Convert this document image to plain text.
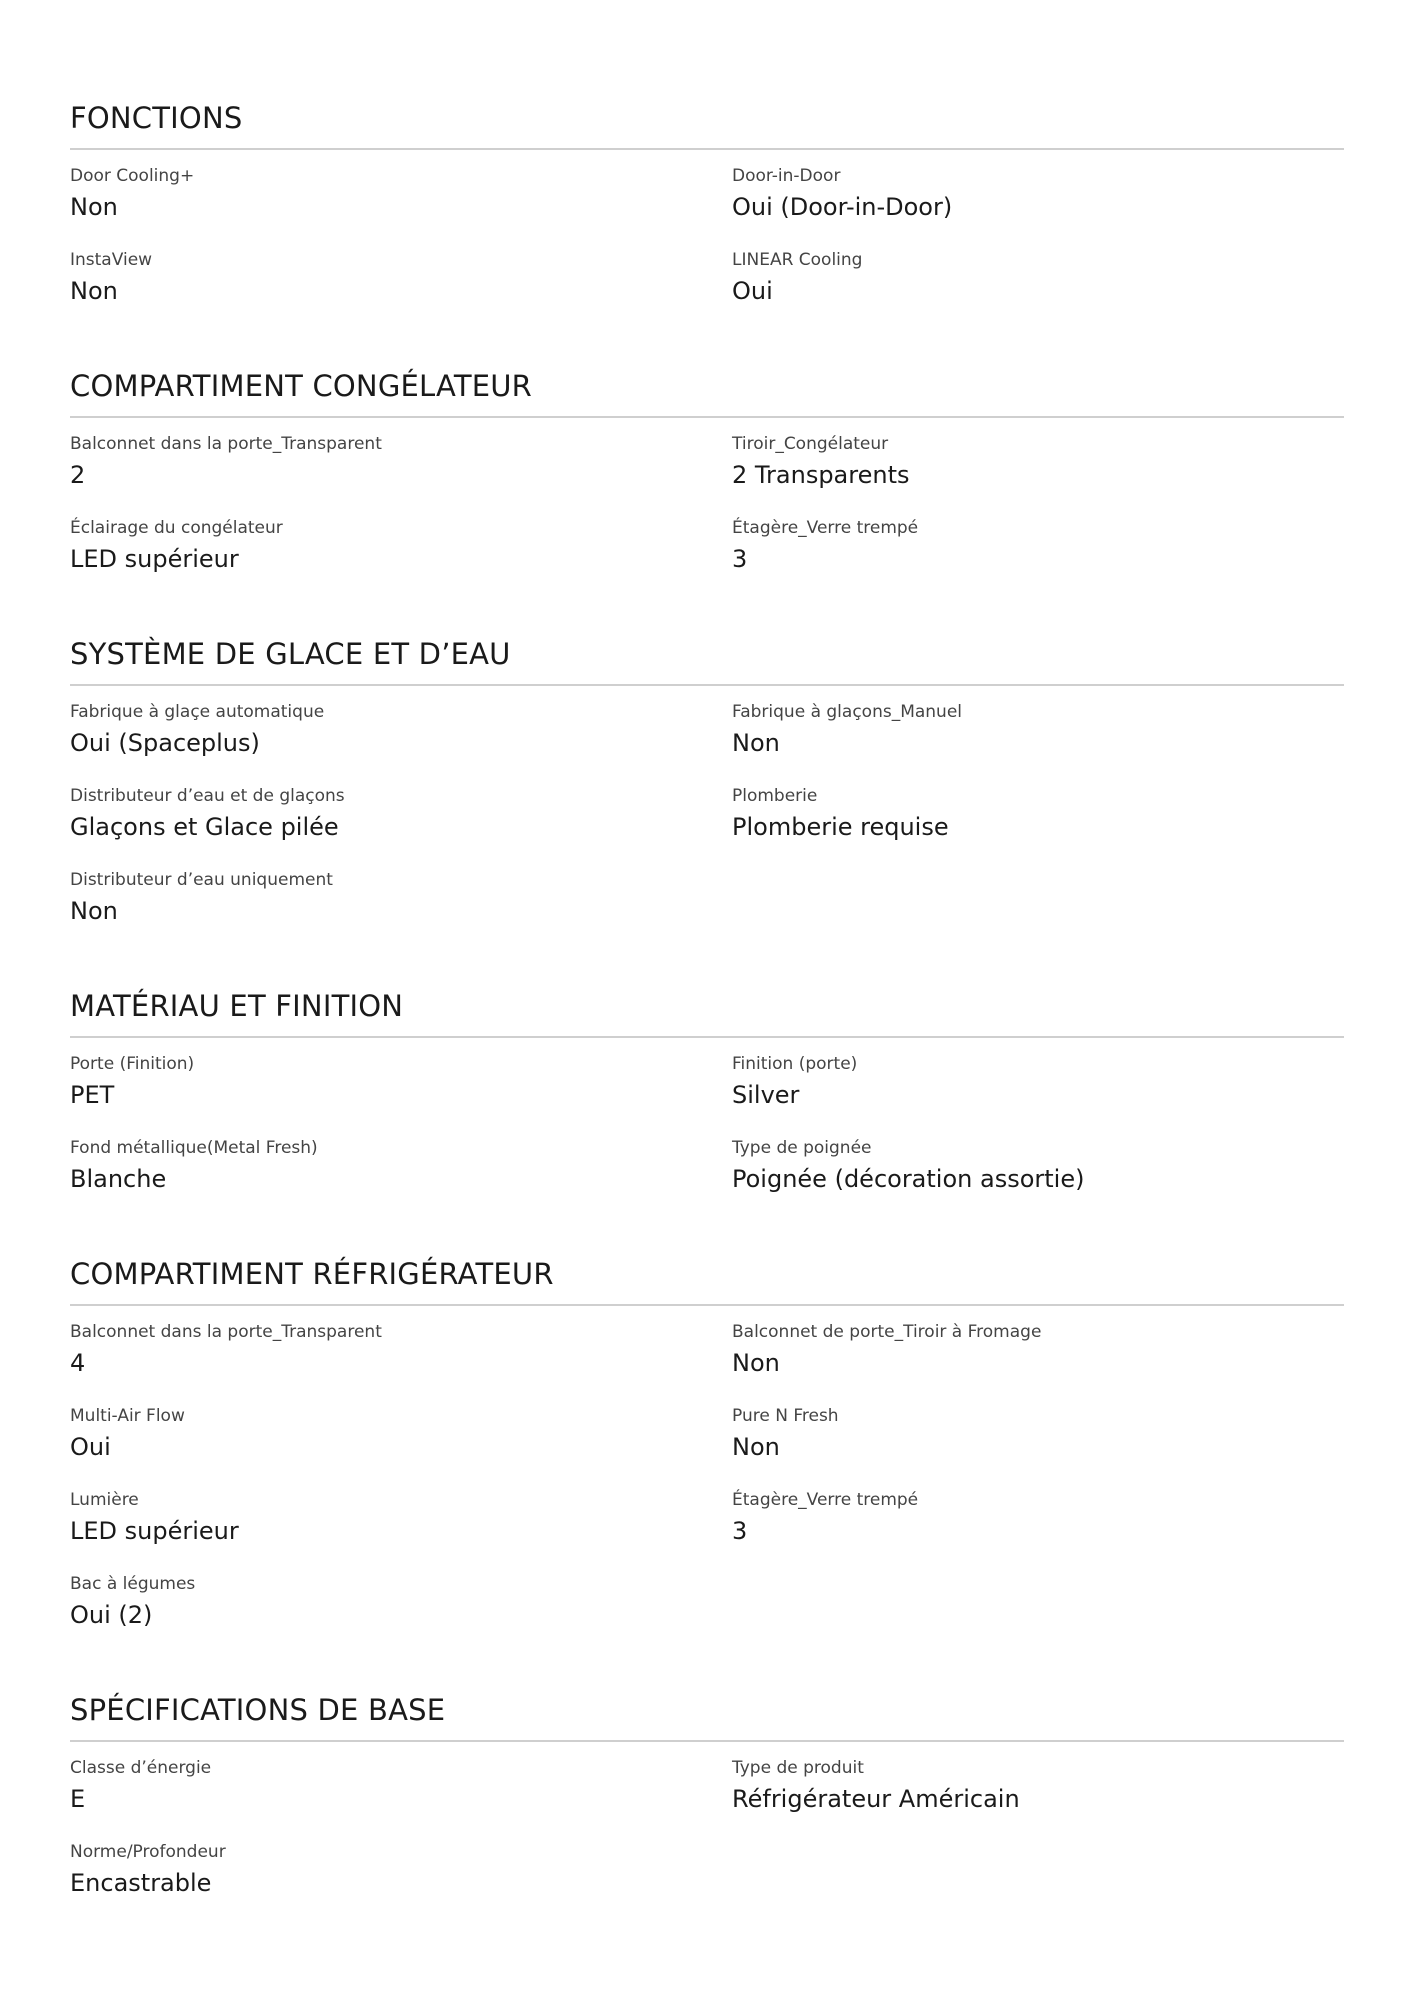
FONCTIONS
Door Cooling+
Non
Door-in-Door
Oui (Door-in-Door)
InstaView
Non
LINEAR Cooling
Oui
COMPARTIMENT CONGÉLATEUR
Balconnet dans la porte_Transparent
2
Tiroir_Congélateur
2 Transparents
Éclairage du congélateur
LED supérieur
Étagère_Verre trempé
3
SYSTÈME DE GLACE ET D’EAU
Fabrique à glaçe automatique
Oui (Spaceplus)
Fabrique à glaçons_Manuel
Non
Distributeur d’eau et de glaçons
Glaçons et Glace pilée
Plomberie
Plomberie requise
Distributeur d’eau uniquement
Non
MATÉRIAU ET FINITION
Porte (Finition)
PET
Finition (porte)
Silver
Fond métallique(Metal Fresh)
Blanche
Type de poignée
Poignée (décoration assortie)
COMPARTIMENT RÉFRIGÉRATEUR
Balconnet dans la porte_Transparent
4
Balconnet de porte_Tiroir à Fromage
Non
Multi-Air Flow
Oui
Pure N Fresh
Non
Lumière
LED supérieur
Étagère_Verre trempé
3
Bac à légumes
Oui (2)
SPÉCIFICATIONS DE BASE
Classe d’énergie
E
Type de produit
Réfrigérateur Américain
Norme/Profondeur
Encastrable
